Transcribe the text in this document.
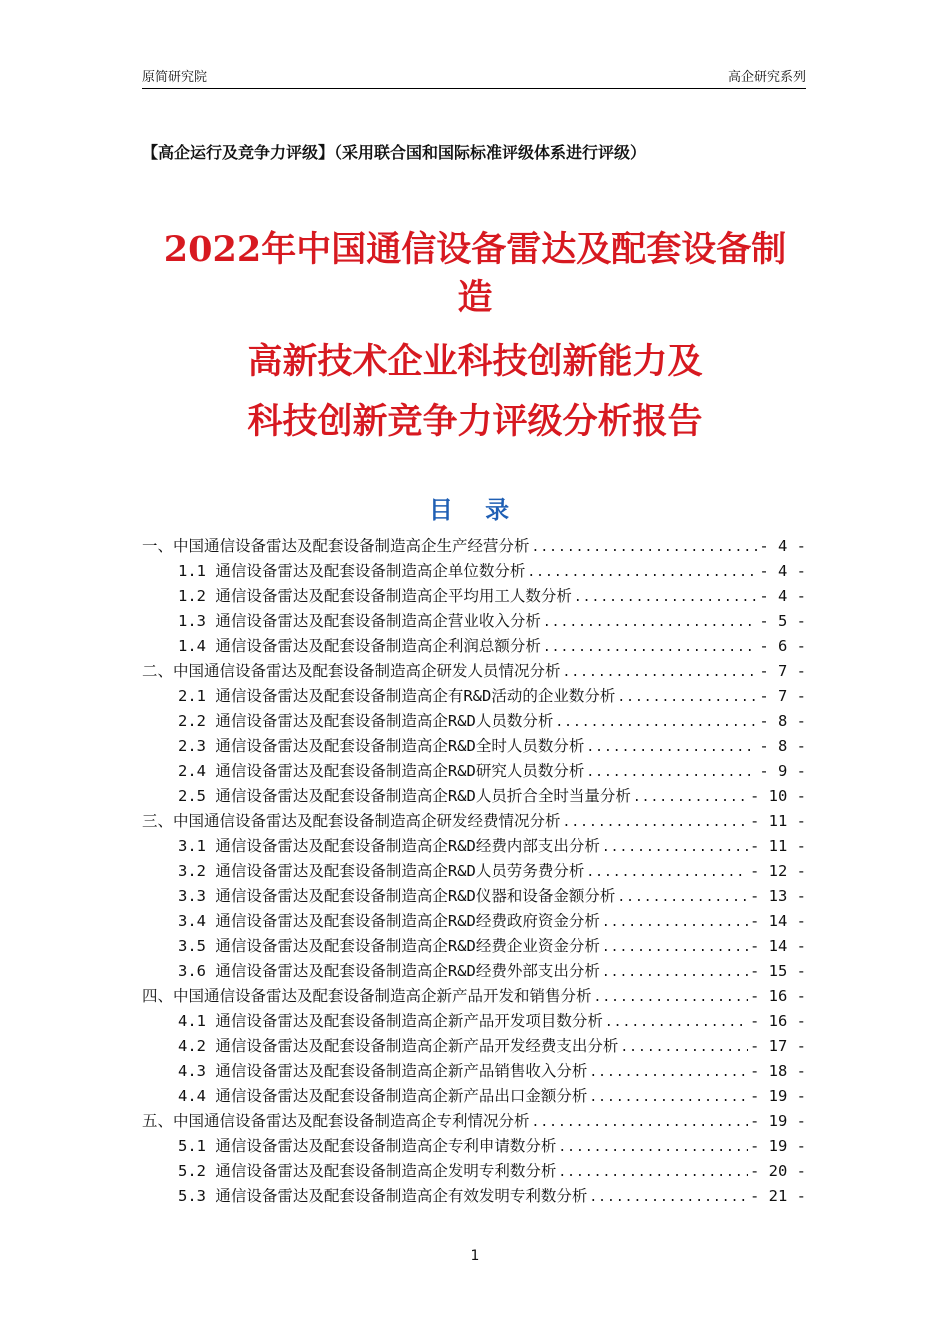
原简研究院	高企研究系列
【高企运行及竞争力评级】（采用联合国和国际标准评级体系进行评级）
2022年中国通信设备雷达及配套设备制
造
高新技术企业科技创新能力及
科技创新竞争力评级分析报告
目 录
一、中国通信设备雷达及配套设备制造高企生产经营分析 .....	- 4 -
1.1 通信设备雷达及配套设备制造高企单位数分析 .....	- 4 -
1.2 通信设备雷达及配套设备制造高企平均用工人数分析 .....	- 4 -
1.3 通信设备雷达及配套设备制造高企营业收入分析 .....	- 5 -
1.4 通信设备雷达及配套设备制造高企利润总额分析 .....	- 6 -
二、中国通信设备雷达及配套设备制造高企研发人员情况分析 .....	- 7 -
2.1 通信设备雷达及配套设备制造高企有R&D活动的企业数分析 .....	- 7 -
2.2 通信设备雷达及配套设备制造高企R&D人员数分析 .....	- 8 -
2.3 通信设备雷达及配套设备制造高企R&D全时人员数分析 .....	- 8 -
2.4 通信设备雷达及配套设备制造高企R&D研究人员数分析 .....	- 9 -
2.5 通信设备雷达及配套设备制造高企R&D人员折合全时当量分析 .....	- 10 -
三、中国通信设备雷达及配套设备制造高企研发经费情况分析 .....	- 11 -
3.1 通信设备雷达及配套设备制造高企R&D经费内部支出分析 .....	- 11 -
3.2 通信设备雷达及配套设备制造高企R&D人员劳务费分析 .....	- 12 -
3.3 通信设备雷达及配套设备制造高企R&D仪器和设备金额分析 .....	- 13 -
3.4 通信设备雷达及配套设备制造高企R&D经费政府资金分析 .....	- 14 -
3.5 通信设备雷达及配套设备制造高企R&D经费企业资金分析 .....	- 14 -
3.6 通信设备雷达及配套设备制造高企R&D经费外部支出分析 .....	- 15 -
四、中国通信设备雷达及配套设备制造高企新产品开发和销售分析 .....	- 16 -
4.1 通信设备雷达及配套设备制造高企新产品开发项目数分析 .....	- 16 -
4.2 通信设备雷达及配套设备制造高企新产品开发经费支出分析 .....	- 17 -
4.3 通信设备雷达及配套设备制造高企新产品销售收入分析 .....	- 18 -
4.4 通信设备雷达及配套设备制造高企新产品出口金额分析 .....	- 19 -
五、中国通信设备雷达及配套设备制造高企专利情况分析 .....	- 19 -
5.1 通信设备雷达及配套设备制造高企专利申请数分析 .....	- 19 -
5.2 通信设备雷达及配套设备制造高企发明专利数分析 .....	- 20 -
5.3 通信设备雷达及配套设备制造高企有效发明专利数分析 .....	- 21 -
1
